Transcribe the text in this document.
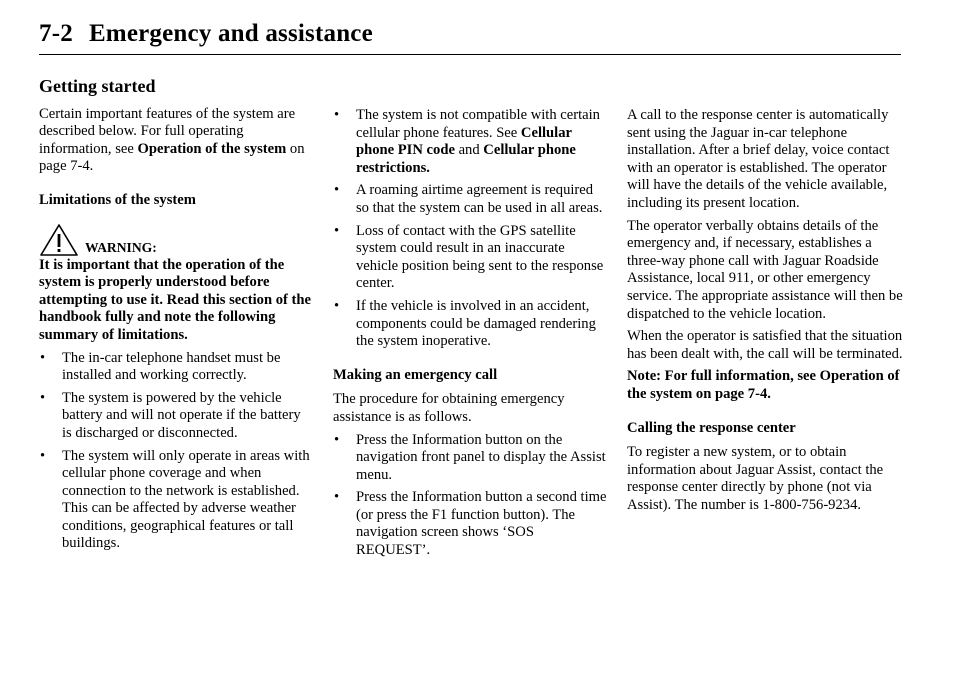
7-2 Emergency and assistance
Getting started

Certain important features of the system are described below. For full operating information, see Operation of the system on page 7-4.

Limitations of the system
WARNING:

It is important that the operation of the system is properly understood before attempting to use it. Read this section of the handbook fully and note the following summary of limitations.

• The in-car telephone handset must be installed and working correctly.
• The system is powered by the vehicle battery and will not operate if the battery is discharged or disconnected.
• The system will only operate in areas with cellular phone coverage and when connection to the network is established. This can be affected by adverse weather conditions, geographical features or tall buildings.
• The system is not compatible with certain cellular phone features. See Cellular phone PIN code and Cellular phone restrictions.
• A roaming airtime agreement is required so that the system can be used in all areas.
• Loss of contact with the GPS satellite system could result in an inaccurate vehicle position being sent to the response center.
• If the vehicle is involved in an accident, components could be damaged rendering the system inoperative.
Making an emergency call

The procedure for obtaining emergency assistance is as follows.

• Press the Information button on the navigation front panel to display the Assist menu.
• Press the Information button a second time (or press the F1 function button). The navigation screen shows ‘SOS REQUEST’.

A call to the response center is automatically sent using the Jaguar in-car telephone installation. After a brief delay, voice contact with an operator is established. The operator will have the details of the vehicle available, including its present location.

The operator verbally obtains details of the emergency and, if necessary, establishes a three-way phone call with Jaguar Roadside Assistance, local 911, or other emergency service. The appropriate assistance will then be dispatched to the vehicle location.

When the operator is satisfied that the situation has been dealt with, the call will be terminated.

Note: For full information, see Operation of the system on page 7-4.

Calling the response center

To register a new system, or to obtain information about Jaguar Assist, contact the response center directly by phone (not via Assist). The number is 1-800-756-9234.
